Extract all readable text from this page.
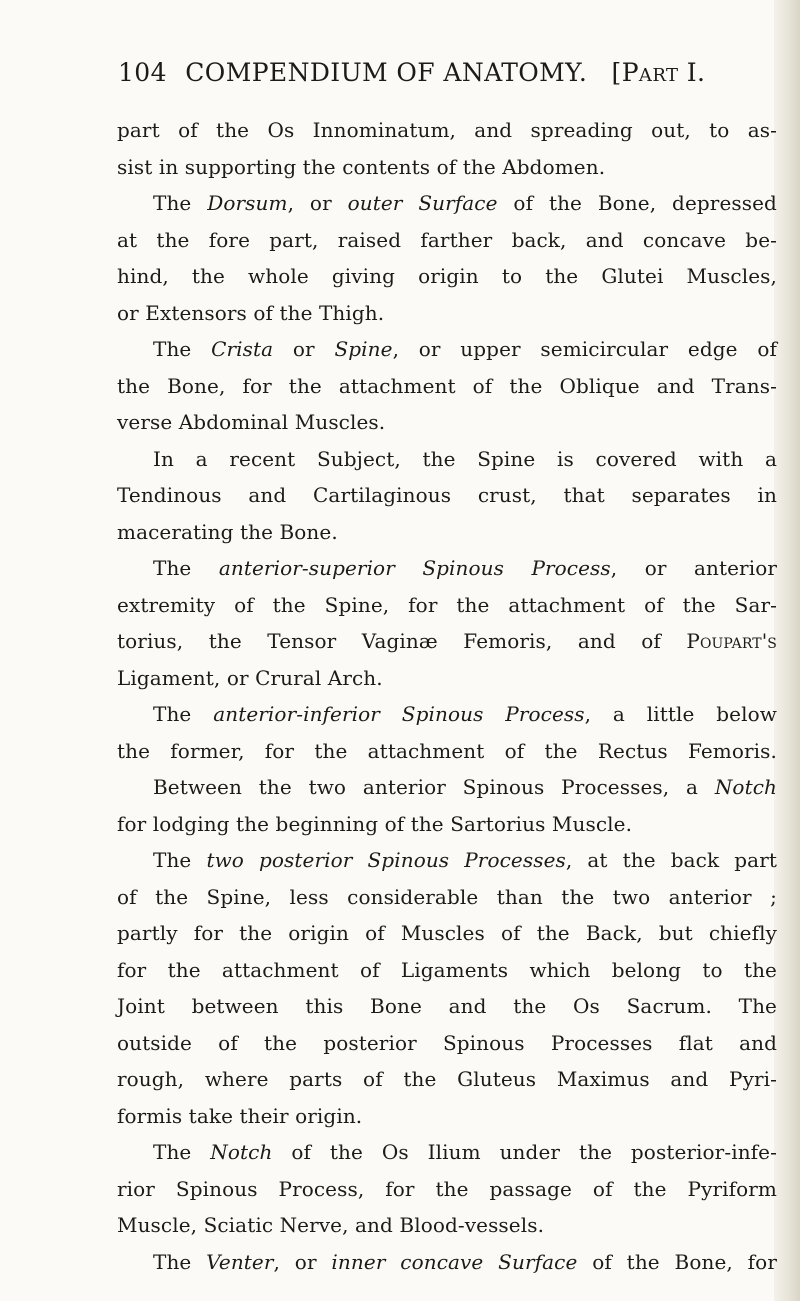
104 COMPENDIUM OF ANATOMY. [Part I.
part of the Os Innominatum, and spreading out, to as-
sist in supporting the contents of the Abdomen.
The Dorsum, or outer Surface of the Bone, depressed
at the fore part, raised farther back, and concave be-
hind, the whole giving origin to the Glutei Muscles,
or Extensors of the Thigh.
The Crista or Spine, or upper semicircular edge of
the Bone, for the attachment of the Oblique and Trans-
verse Abdominal Muscles.
In a recent Subject, the Spine is covered with a
Tendinous and Cartilaginous crust, that separates in
macerating the Bone.
The anterior-superior Spinous Process, or anterior
extremity of the Spine, for the attachment of the Sar-
torius, the Tensor Vaginæ Femoris, and of Poupart's
Ligament, or Crural Arch.
The anterior-inferior Spinous Process, a little below
the former, for the attachment of the Rectus Femoris.
Between the two anterior Spinous Processes, a Notch
for lodging the beginning of the Sartorius Muscle.
The two posterior Spinous Processes, at the back part
of the Spine, less considerable than the two anterior ;
partly for the origin of Muscles of the Back, but chiefly
for the attachment of Ligaments which belong to the
Joint between this Bone and the Os Sacrum. The
outside of the posterior Spinous Processes flat and
rough, where parts of the Gluteus Maximus and Pyri-
formis take their origin.
The Notch of the Os Ilium under the posterior-infe-
rior Spinous Process, for the passage of the Pyriform
Muscle, Sciatic Nerve, and Blood-vessels.
The Venter, or inner concave Surface of the Bone, for
